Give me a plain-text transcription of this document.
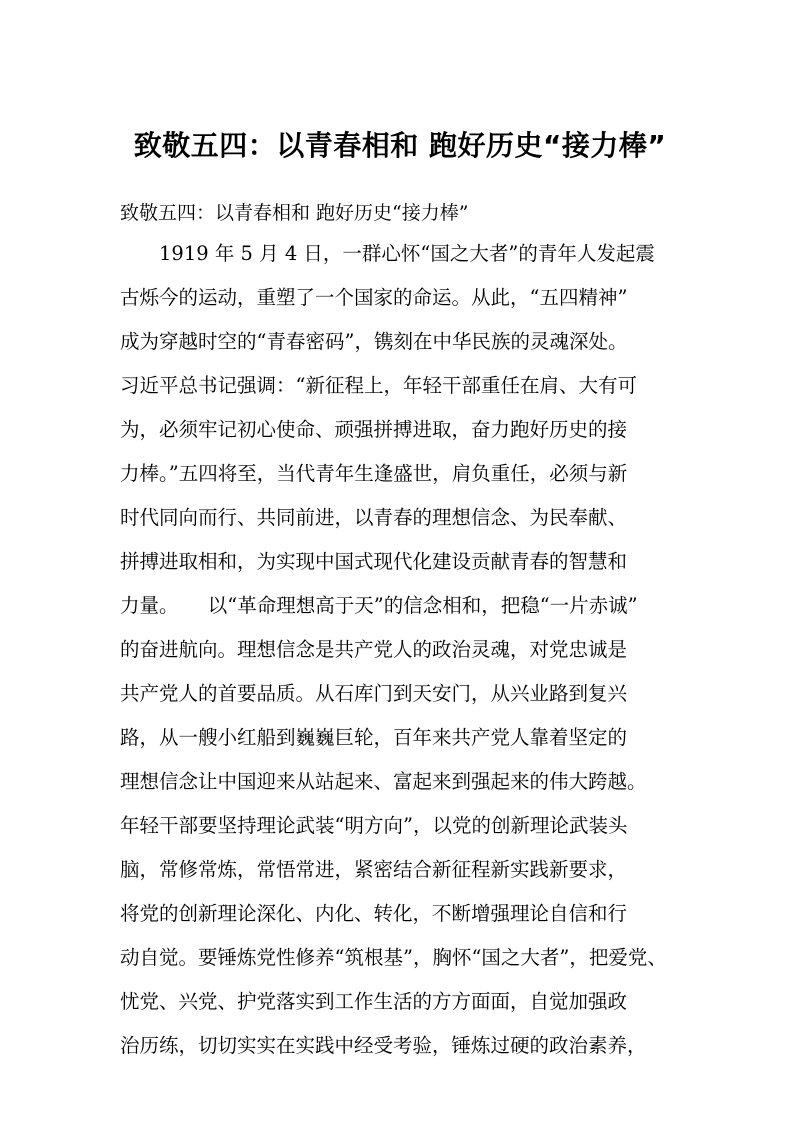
致敬五四：以青春相和 跑好历史“接力棒”

致敬五四：以青春相和 跑好历史“接力棒”

　　1919 年 5 月 4 日，一群心怀“国之大者”的青年人发起震

古烁今的运动，重塑了一个国家的命运。从此，“五四精神”

成为穿越时空的“青春密码”，镌刻在中华民族的灵魂深处。

习近平总书记强调：“新征程上，年轻干部重任在肩、大有可

为，必须牢记初心使命、顽强拼搏进取，奋力跑好历史的接

力棒。”五四将至，当代青年生逢盛世，肩负重任，必须与新

时代同向而行、共同前进，以青春的理想信念、为民奉献、

拼搏进取相和，为实现中国式现代化建设贡献青春的智慧和

力量。　　以“革命理想高于天”的信念相和，把稳“一片赤诚”

的奋进航向。理想信念是共产党人的政治灵魂，对党忠诚是

共产党人的首要品质。从石库门到天安门，从兴业路到复兴

路，从一艘小红船到巍巍巨轮，百年来共产党人靠着坚定的

理想信念让中国迎来从站起来、富起来到强起来的伟大跨越。

年轻干部要坚持理论武装“明方向”，以党的创新理论武装头

脑，常修常炼，常悟常进，紧密结合新征程新实践新要求，

将党的创新理论深化、内化、转化，不断增强理论自信和行

动自觉。要锤炼党性修养“筑根基”，胸怀“国之大者”，把爱党、

忧党、兴党、护党落实到工作生活的方方面面，自觉加强政

治历练，切切实实在实践中经受考验，锤炼过硬的政治素养，
